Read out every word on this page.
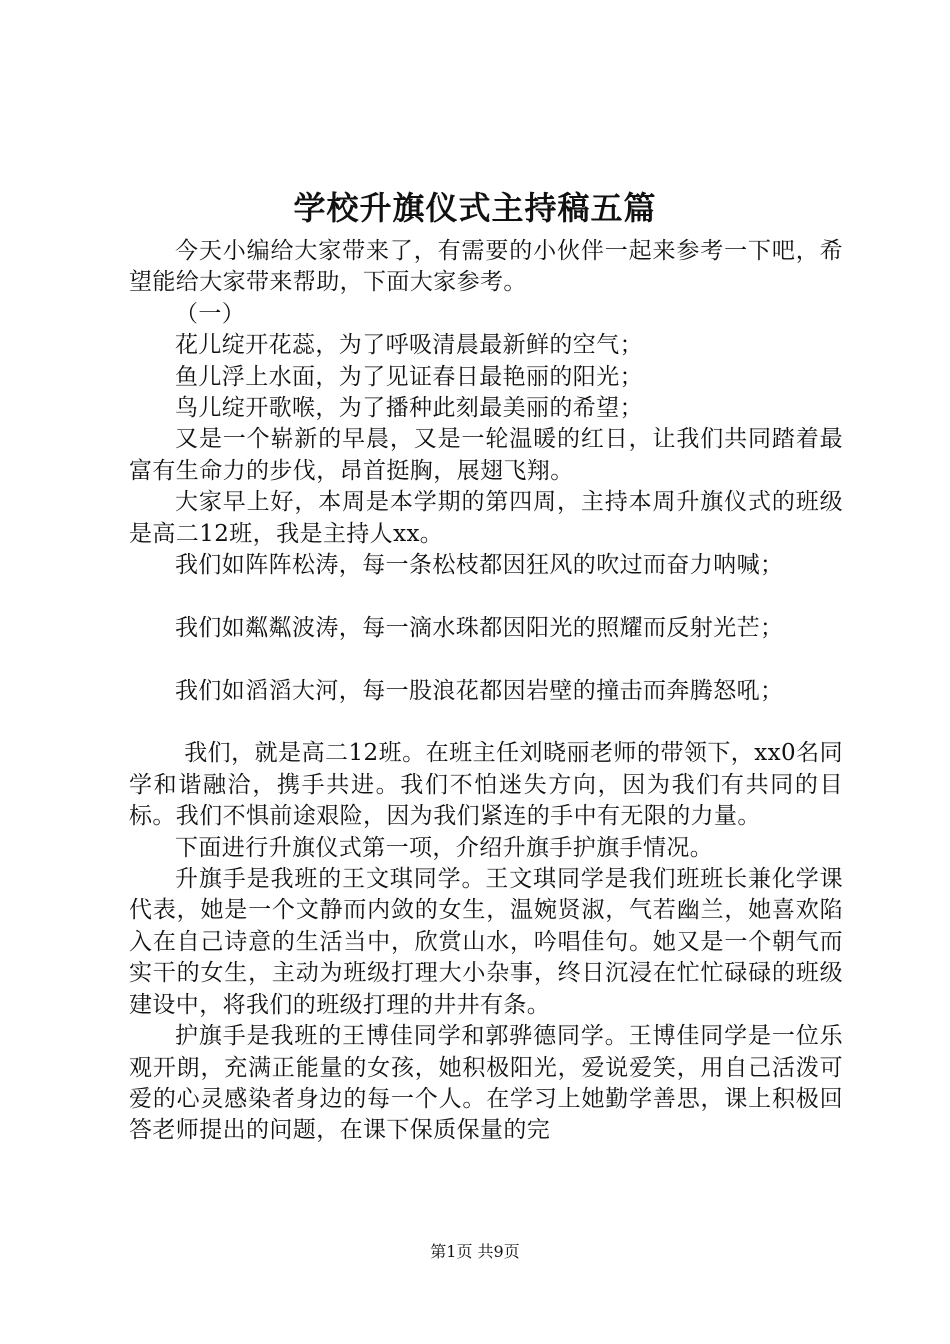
学校升旗仪式主持稿五篇

今天小编给大家带来了，有需要的小伙伴一起来参考一下吧，希望能给大家带来帮助，下面大家参考。

（一）

花儿绽开花蕊，为了呼吸清晨最新鲜的空气；

鱼儿浮上水面，为了见证春日最艳丽的阳光；

鸟儿绽开歌喉，为了播种此刻最美丽的希望；

又是一个崭新的早晨，又是一轮温暖的红日，让我们共同踏着最富有生命力的步伐，昂首挺胸，展翅飞翔。

大家早上好，本周是本学期的第四周，主持本周升旗仪式的班级是高二12班，我是主持人xx。

我们如阵阵松涛，每一条松枝都因狂风的吹过而奋力呐喊；

我们如粼粼波涛，每一滴水珠都因阳光的照耀而反射光芒；

我们如滔滔大河，每一股浪花都因岩壁的撞击而奔腾怒吼；

我们，就是高二12班。在班主任刘晓丽老师的带领下，xx0名同学和谐融洽，携手共进。我们不怕迷失方向，因为我们有共同的目标。我们不惧前途艰险，因为我们紧连的手中有无限的力量。

下面进行升旗仪式第一项，介绍升旗手护旗手情况。

升旗手是我班的王文琪同学。王文琪同学是我们班班长兼化学课代表，她是一个文静而内敛的女生，温婉贤淑，气若幽兰，她喜欢陷入在自己诗意的生活当中，欣赏山水，吟唱佳句。她又是一个朝气而实干的女生，主动为班级打理大小杂事，终日沉浸在忙忙碌碌的班级建设中，将我们的班级打理的井井有条。

护旗手是我班的王博佳同学和郭骅德同学。王博佳同学是一位乐观开朗，充满正能量的女孩，她积极阳光，爱说爱笑，用自己活泼可爱的心灵感染者身边的每一个人。在学习上她勤学善思，课上积极回答老师提出的问题，在课下保质保量的完

第1页 共9页
